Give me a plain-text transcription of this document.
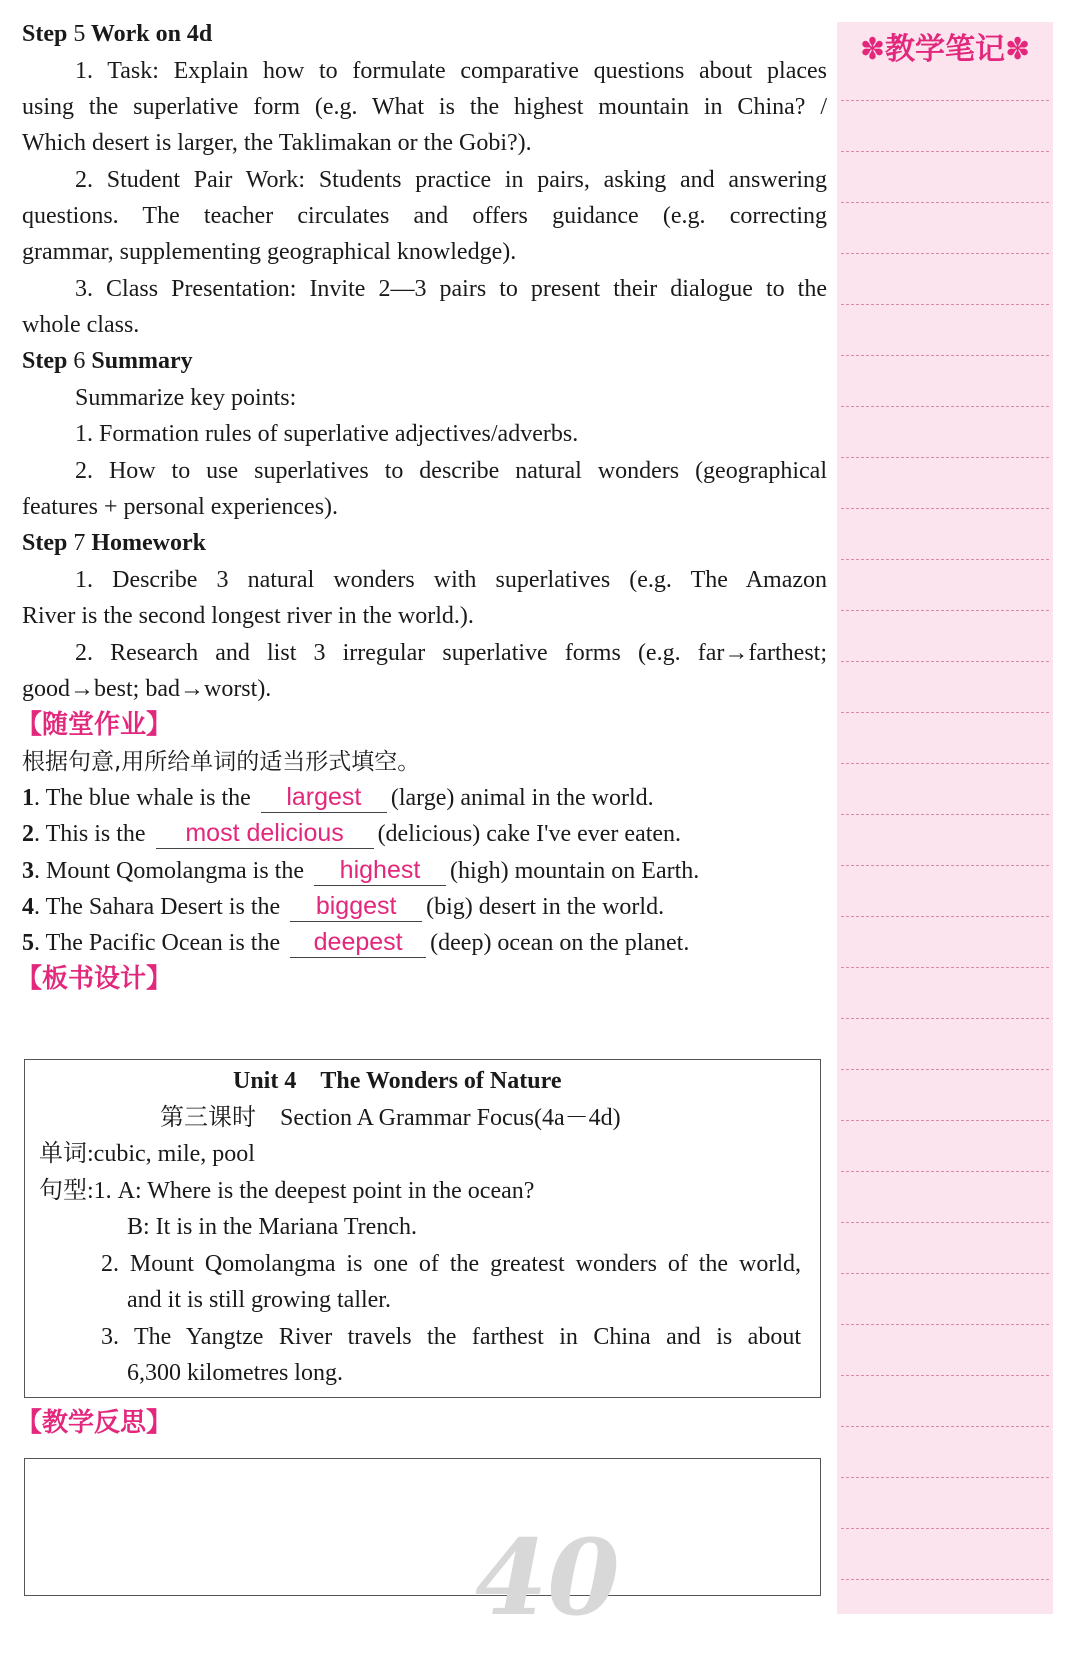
Step 5 Work on 4d
1. Task: Explain how to formulate comparative questions about places
using the superlative form (e.g. What is the highest mountain in China? /
Which desert is larger, the Taklimakan or the Gobi?).
2. Student Pair Work: Students practice in pairs, asking and answering
questions. The teacher circulates and offers guidance (e.g. correcting
grammar, supplementing geographical knowledge).
3. Class Presentation: Invite 2—3 pairs to present their dialogue to the
whole class.
Step 6 Summary
Summarize key points:
1. Formation rules of superlative adjectives/adverbs.
2. How to use superlatives to describe natural wonders (geographical
features + personal experiences).
Step 7 Homework
1. Describe 3 natural wonders with superlatives (e.g. The Amazon
River is the second longest river in the world.).
2. Research and list 3 irregular superlative forms (e.g. far→farthest;
good→best; bad→worst).
【随堂作业】
根据句意,用所给单词的适当形式填空。
1. The blue whale is the largest (large) animal in the world.
2. This is the most delicious (delicious) cake I've ever eaten.
3. Mount Qomolangma is the highest (high) mountain on Earth.
4. The Sahara Desert is the biggest (big) desert in the world.
5. The Pacific Ocean is the deepest (deep) ocean on the planet.
【板书设计】
【教学反思】
Unit 4 The Wonders of Nature
第三课时 Section A Grammar Focus(4a－4d)
单词:cubic, mile, pool
句型:1. A: Where is the deepest point in the ocean?
B: It is in the Mariana Trench.
2. Mount Qomolangma is one of the greatest wonders of the world,
and it is still growing taller.
3. The Yangtze River travels the farthest in China and is about
6,300 kilometres long.
40
✽教学笔记✽
